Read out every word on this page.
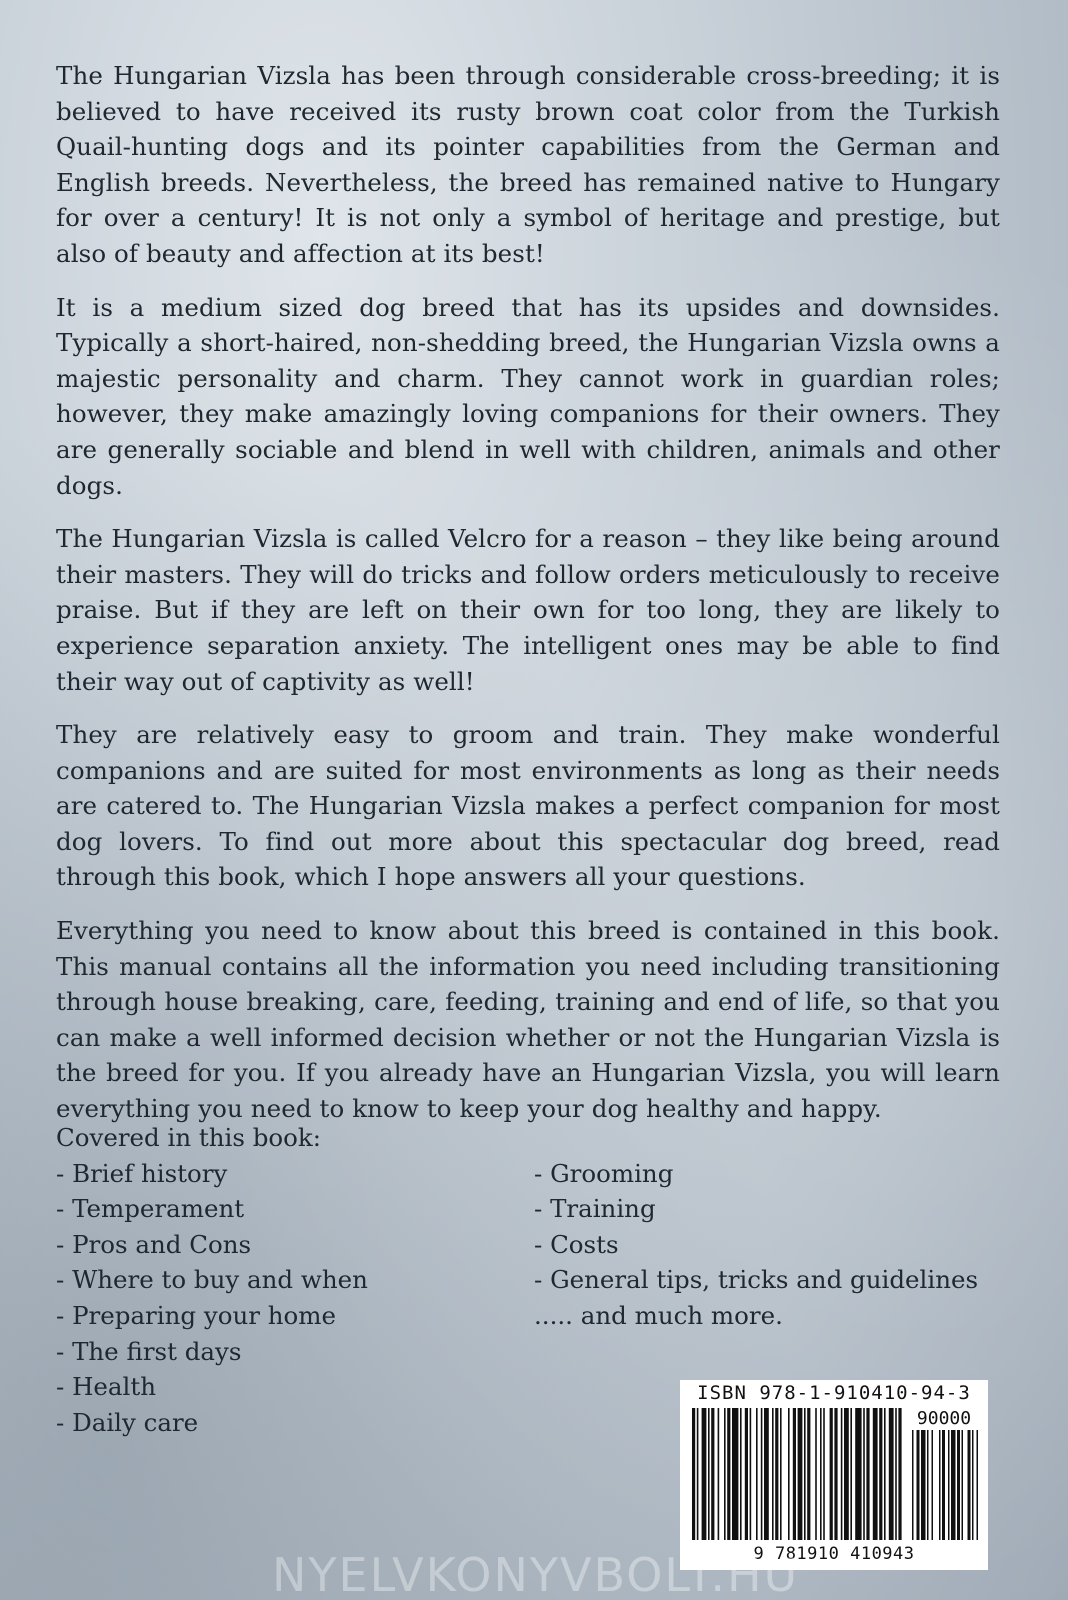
The Hungarian Vizsla has been through considerable cross-breeding; it is believed to have received its rusty brown coat color from the Turkish Quail-hunting dogs and its pointer capabilities from the German and English breeds. Nevertheless, the breed has remained native to Hungary for over a century! It is not only a symbol of heritage and prestige, but also of beauty and affection at its best!

It is a medium sized dog breed that has its upsides and downsides. Typically a short-haired, non-shedding breed, the Hungarian Vizsla owns a majestic personality and charm. They cannot work in guardian roles; however, they make amazingly loving companions for their owners. They are generally sociable and blend in well with children, animals and other dogs.

The Hungarian Vizsla is called Velcro for a reason – they like being around their masters. They will do tricks and follow orders meticulously to receive praise. But if they are left on their own for too long, they are likely to experience separation anxiety. The intelligent ones may be able to find their way out of captivity as well!

They are relatively easy to groom and train. They make wonderful companions and are suited for most environments as long as their needs are catered to. The Hungarian Vizsla makes a perfect companion for most dog lovers. To find out more about this spectacular dog breed, read through this book, which I hope answers all your questions.

Everything you need to know about this breed is contained in this book. This manual contains all the information you need including transitioning through house breaking, care, feeding, training and end of life, so that you can make a well informed decision whether or not the Hungarian Vizsla is the breed for you. If you already have an Hungarian Vizsla, you will learn everything you need to know to keep your dog healthy and happy.

Covered in this book:

- Brief history
- Temperament
- Pros and Cons
- Where to buy and when
- Preparing your home
- The first days
- Health
- Daily care
- Grooming
- Training
- Costs
- General tips, tricks and guidelines
..... and much more.
ISBN 978-1-910410-94-3
90000
9 781910 410943
NYELVKONYVBOLT.HU
